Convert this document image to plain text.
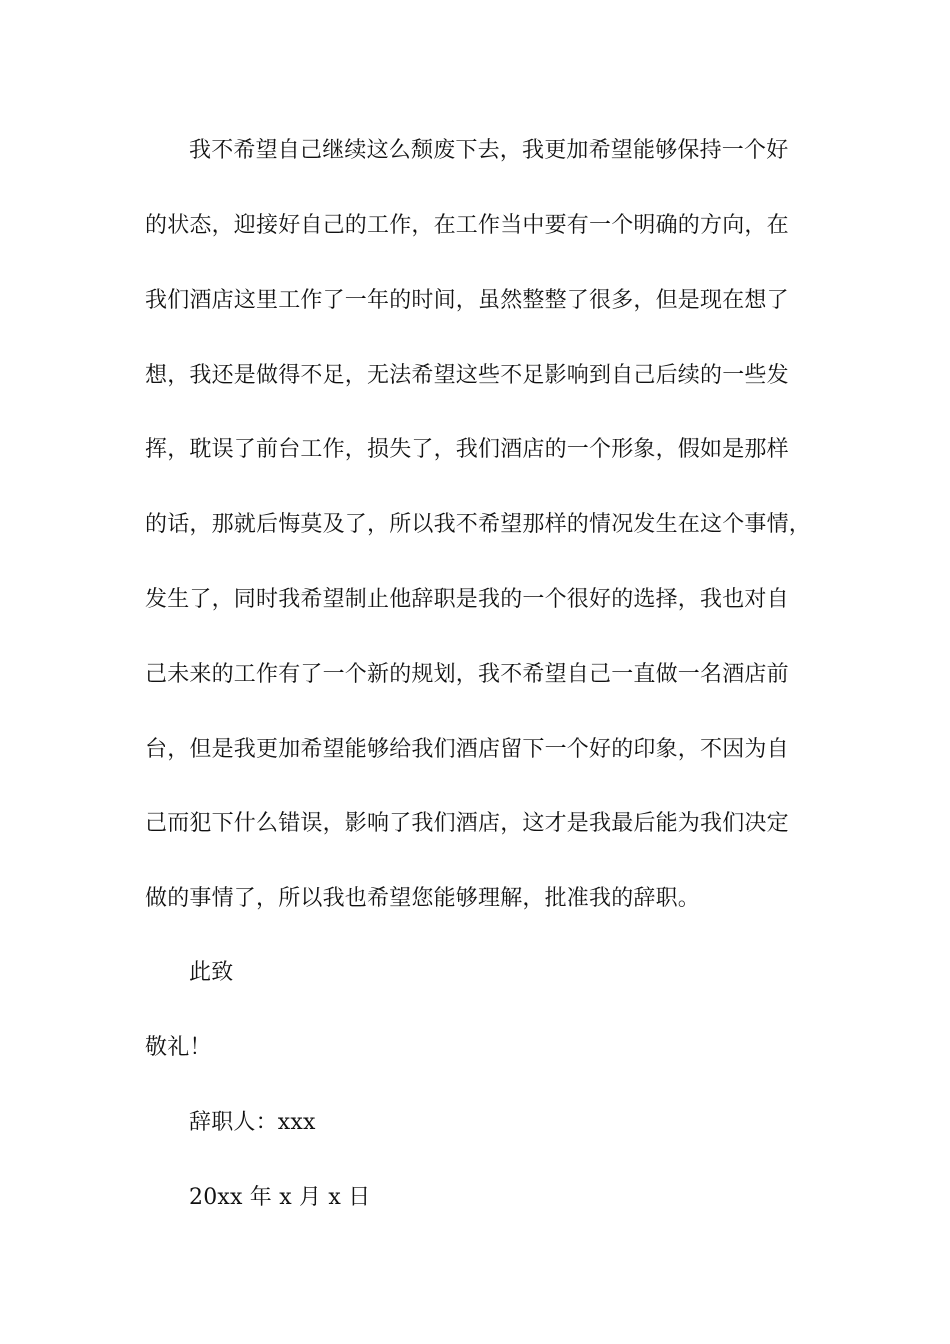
我不希望自己继续这么颓废下去，我更加希望能够保持一个好
的状态，迎接好自己的工作，在工作当中要有一个明确的方向，在
我们酒店这里工作了一年的时间，虽然整整了很多，但是现在想了
想，我还是做得不足，无法希望这些不足影响到自己后续的一些发
挥，耽误了前台工作，损失了，我们酒店的一个形象，假如是那样
的话，那就后悔莫及了，所以我不希望那样的情况发生在这个事情，
发生了，同时我希望制止他辞职是我的一个很好的选择，我也对自
己未来的工作有了一个新的规划，我不希望自己一直做一名酒店前
台，但是我更加希望能够给我们酒店留下一个好的印象，不因为自
己而犯下什么错误，影响了我们酒店，这才是我最后能为我们决定
做的事情了，所以我也希望您能够理解，批准我的辞职。
此致
敬礼！
辞职人：xxx
20xx 年 x 月 x 日
